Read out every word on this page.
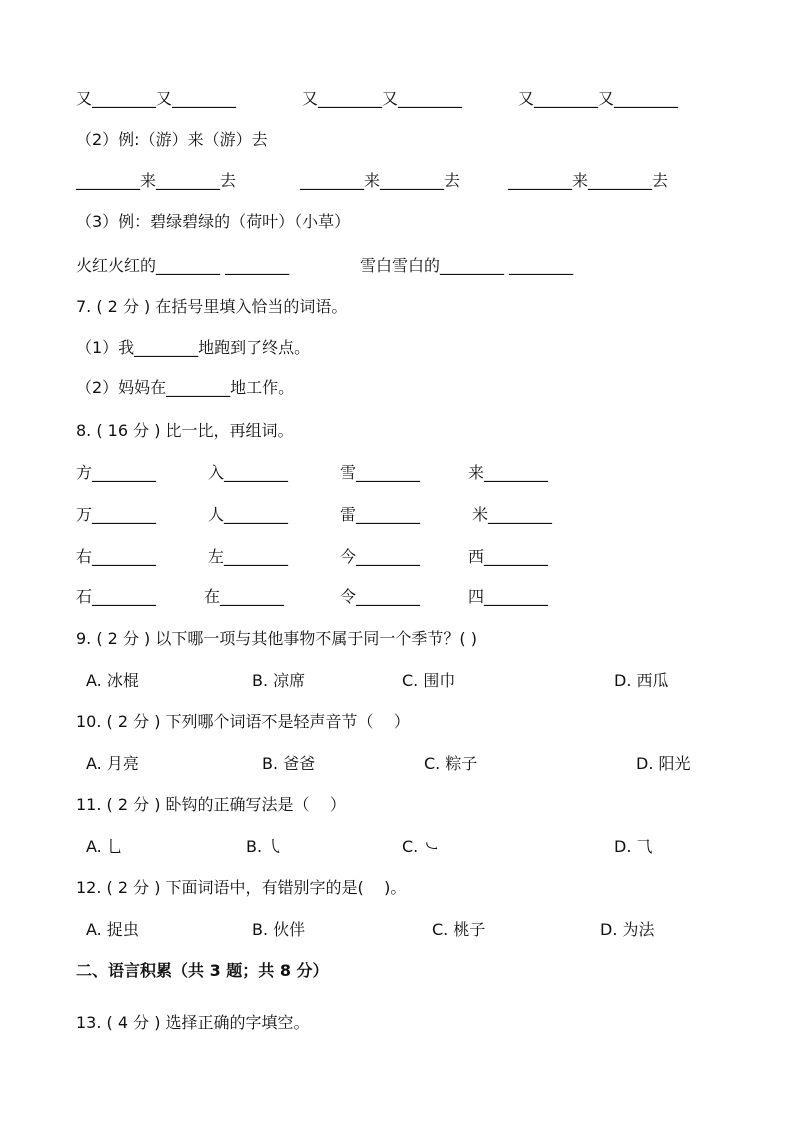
又________又________	又________又________	又________又________
（2）例:（游）来（游）去
________来________去	________来________去	________来________去
（3）例：碧绿碧绿的（荷叶）（小草）
火红火红的________ ________	雪白雪白的________ ________
7. ( 2 分 ) 在括号里填入恰当的词语。
（1）我________地跑到了终点。
（2）妈妈在________地工作。
8. ( 16 分 ) 比一比，再组词。
方________	入________	雪________	来________
万________	人________	雷________	米________
右________	左________	今________	西________
石________	在________	令________	四________
9. ( 2 分 ) 以下哪一项与其他事物不属于同一个季节？( )
A. 冰棍	B. 凉席	C. 围巾	D. 西瓜
10. ( 2 分 ) 下列哪个词语不是轻声音节（    ）
A. 月亮	B. 爸爸	C. 粽子	D. 阳光
11. ( 2 分 ) 卧钩的正确写法是（    ）
A. ⺃	B. ㇂	C. ㇃	D. ⺄
12. ( 2 分 ) 下面词语中，有错别字的是(    )。
A. 捉虫	B. 伙伴	C. 桃子	D. 为法
二、语言积累（共 3 题；共 8 分）
13. ( 4 分 ) 选择正确的字填空。
